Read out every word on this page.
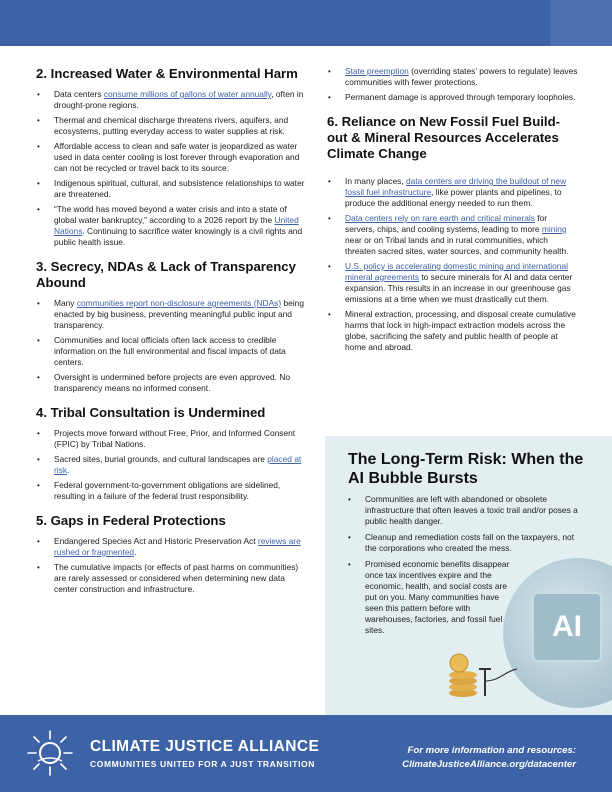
2. Increased Water & Environmental Harm
• Data centers consume millions of gallons of water annually, often in drought-prone regions.
• Thermal and chemical discharge threatens rivers, aquifers, and ecosystems, putting everyday access to water supplies at risk.
• Affordable access to clean and safe water is jeopardized as water used in data center cooling is lost forever through evaporation and can not be recycled or travel back to its source.
• Indigenous spiritual, cultural, and subsistence relationships to water are threatened.
• “The world has moved beyond a water crisis and into a state of global water bankruptcy,” according to a 2026 report by the United Nations. Continuing to sacrifice water knowingly is a civil rights and public health issue.
3. Secrecy, NDAs & Lack of Transparency Abound
• Many communities report non-disclosure agreements (NDAs) being enacted by big business, preventing meaningful public input and transparency.
• Communities and local officials often lack access to credible information on the full environmental and fiscal impacts of data centers.
• Oversight is undermined before projects are even approved. No transparency means no informed consent.
4. Tribal Consultation is Undermined
• Projects move forward without Free, Prior, and Informed Consent (FPIC) by Tribal Nations.
• Sacred sites, burial grounds, and cultural landscapes are placed at risk.
• Federal government-to-government obligations are sidelined, resulting in a failure of the federal trust responsibility.
5. Gaps in Federal Protections
• Endangered Species Act and Historic Preservation Act reviews are rushed or fragmented.
• The cumulative impacts (or effects of past harms on communities) are rarely assessed or considered when determining new data center construction and infrastructure.
• State preemption (overriding states’ powers to regulate) leaves communities with fewer protections.
• Permanent damage is approved through temporary loopholes.
6. Reliance on New Fossil Fuel Build-out & Mineral Resources Accelerates Climate Change
• In many places, data centers are driving the buildout of new fossil fuel infrastructure, like power plants and pipelines, to produce the additional energy needed to run them.
• Data centers rely on rare earth and critical minerals for servers, chips, and cooling systems, leading to more mining near or on Tribal lands and in rural communities, which threaten sacred sites, water sources, and community health.
• U.S. policy is accelerating domestic mining and international mineral agreements to secure minerals for AI and data center expansion. This results in an increase in our greenhouse gas emissions at a time when we must drastically cut them.
• Mineral extraction, processing, and disposal create cumulative harms that lock in high-impact extraction models across the globe, sacrificing the safety and public health of people at home and abroad.
AI
The Long-Term Risk: When the AI Bubble Bursts
• Communities are left with abandoned or obsolete infrastructure that often leaves a toxic trail and/or poses a public health danger.
• Cleanup and remediation costs fall on the taxpayers, not the corporations who created the mess.
• Promised economic benefits disappear once tax incentives expire and the economic, health, and social costs are put on you. Many communities have seen this pattern before with warehouses, factories, and fossil fuel sites.
CLIMATE JUSTICE ALLIANCE
COMMUNITIES UNITED FOR A JUST TRANSITION
For more information and resources:
ClimateJusticeAlliance.org/datacenter
